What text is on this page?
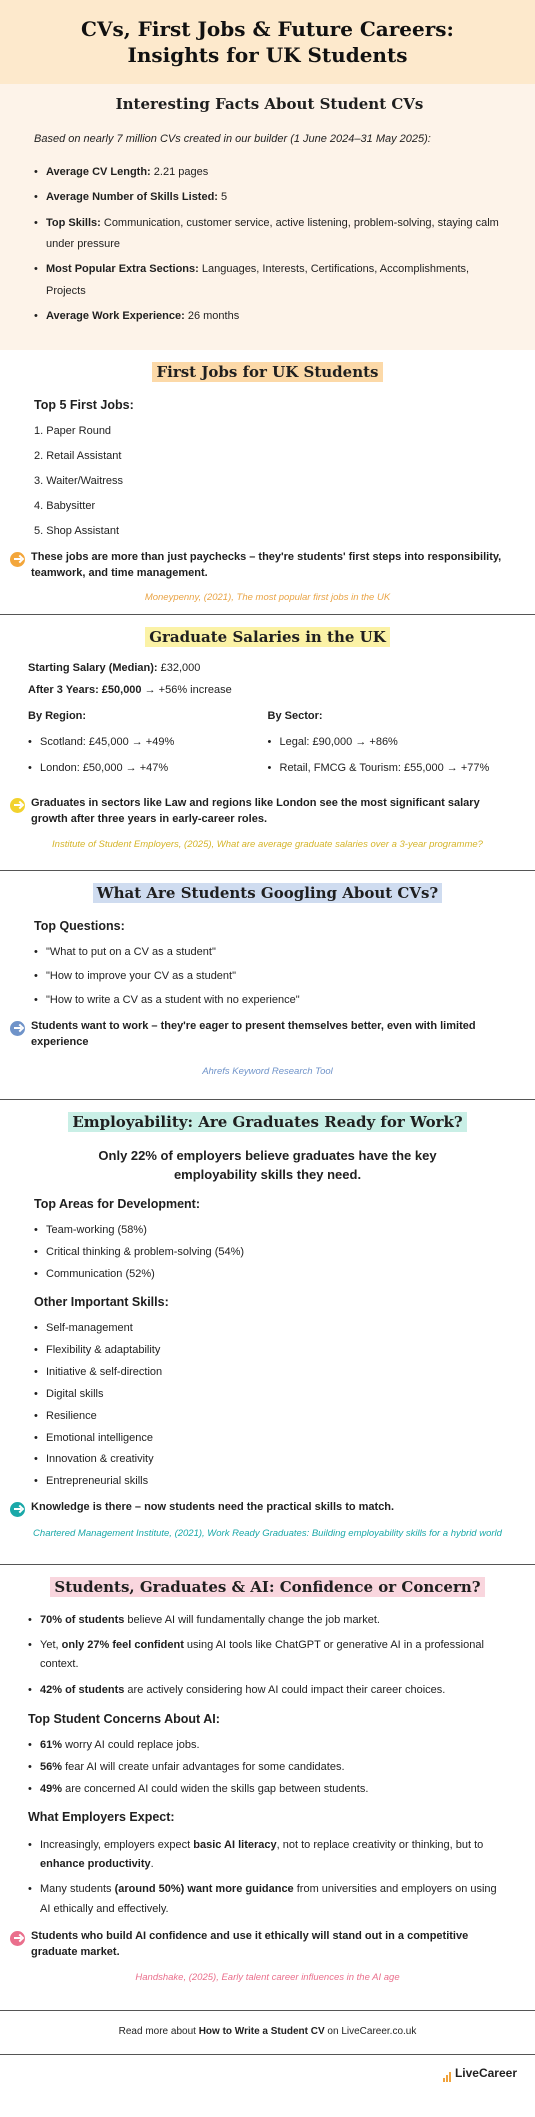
CVs, First Jobs & Future Careers:
Insights for UK Students
Interesting Facts About Student CVs

Based on nearly 7 million CVs created in our builder (1 June 2024–31 May 2025):

• Average CV Length: 2.21 pages
• Average Number of Skills Listed: 5
• Top Skills: Communication, customer service, active listening, problem-solving, staying calm under pressure
• Most Popular Extra Sections: Languages, Interests, Certifications, Accomplishments, Projects
• Average Work Experience: 26 months
First Jobs for UK Students
Top 5 First Jobs:
1. Paper Round
2. Retail Assistant
3. Waiter/Waitress
4. Babysitter
5. Shop Assistant
These jobs are more than just paychecks – they're students' first steps into responsibility, teamwork, and time management.

Moneypenny, (2021), The most popular first jobs in the UK

Graduate Salaries in the UK

Starting Salary (Median): £32,000

After 3 Years: £50,000 → +56% increase

By Region:
• Scotland: £45,000 → +49%
• London: £50,000 → +47%
By Sector:
• Legal: £90,000 → +86%
• Retail, FMCG & Tourism: £55,000 → +77%
Graduates in sectors like Law and regions like London see the most significant salary growth after three years in early-career roles.

Institute of Student Employers, (2025), What are average graduate salaries over a 3-year programme?

What Are Students Googling About CVs?
Top Questions:
• "What to put on a CV as a student"
• "How to improve your CV as a student"
• "How to write a CV as a student with no experience"
Students want to work – they're eager to present themselves better, even with limited experience

Ahrefs Keyword Research Tool

Employability: Are Graduates Ready for Work?

Only 22% of employers believe graduates have the key employability skills they need.

Top Areas for Development:
• Team-working (58%)
• Critical thinking & problem-solving (54%)
• Communication (52%)
Other Important Skills:
• Self-management
• Flexibility & adaptability
• Initiative & self-direction
• Digital skills
• Resilience
• Emotional intelligence
• Innovation & creativity
• Entrepreneurial skills
Knowledge is there – now students need the practical skills to match.

Chartered Management Institute, (2021), Work Ready Graduates: Building employability skills for a hybrid world

Students, Graduates & AI: Confidence or Concern?
• 70% of students believe AI will fundamentally change the job market.
• Yet, only 27% feel confident using AI tools like ChatGPT or generative AI in a professional context.
• 42% of students are actively considering how AI could impact their career choices.
Top Student Concerns About AI:
• 61% worry AI could replace jobs.
• 56% fear AI will create unfair advantages for some candidates.
• 49% are concerned AI could widen the skills gap between students.
What Employers Expect:
• Increasingly, employers expect basic AI literacy, not to replace creativity or thinking, but to enhance productivity.
• Many students (around 50%) want more guidance from universities and employers on using AI ethically and effectively.
Students who build AI confidence and use it ethically will stand out in a competitive graduate market.

Handshake, (2025), Early talent career influences in the AI age

Read more about How to Write a Student CV on LiveCareer.co.uk
LiveCareer
